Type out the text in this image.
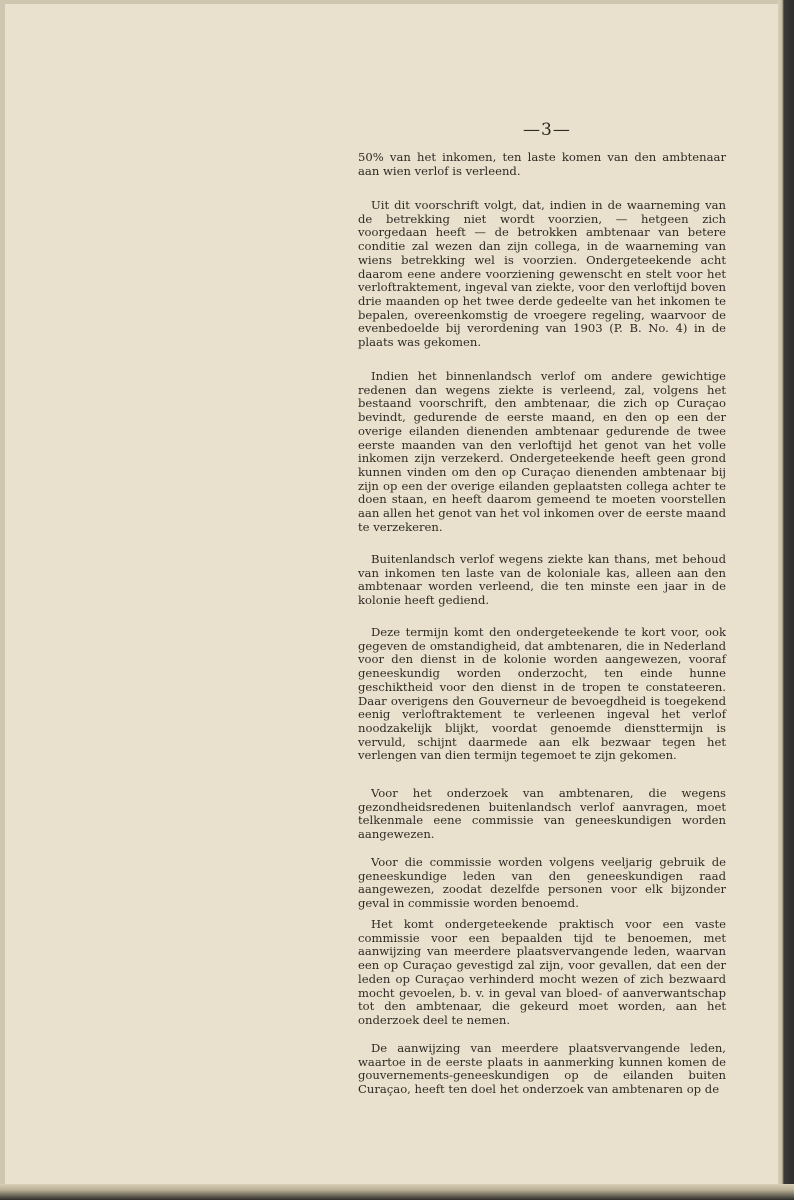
—3—

50% van het inkomen, ten laste komen van den ambtenaar aan wien verlof is verleend.

Uit dit voorschrift volgt, dat, indien in de waarneming van de betrekking niet wordt voorzien, — hetgeen zich voorgedaan heeft — de betrokken ambtenaar van betere conditie zal wezen dan zijn collega, in de waarneming van wiens betrekking wel is voorzien. Ondergeteekende acht daarom eene andere voorziening gewenscht en stelt voor het verloftraktement, ingeval van ziekte, voor den verloftijd boven drie maanden op het twee derde gedeelte van het inkomen te bepalen, overeenkomstig de vroegere regeling, waarvoor de evenbedoelde bij verordening van 1903 (P. B. No. 4) in de plaats was gekomen.

Indien het binnenlandsch verlof om andere gewichtige redenen dan wegens ziekte is verleend, zal, volgens het bestaand voorschrift, den ambtenaar, die zich op Curaçao bevindt, gedurende de eerste maand, en den op een der overige eilanden dienenden ambtenaar gedurende de twee eerste maanden van den verloftijd het genot van het volle inkomen zijn verzekerd. Ondergeteekende heeft geen grond kunnen vinden om den op Curaçao dienenden ambtenaar bij zijn op een der overige eilanden geplaatsten collega achter te doen staan, en heeft daarom gemeend te moeten voorstellen aan allen het genot van het vol inkomen over de eerste maand te verzekeren.

Buitenlandsch verlof wegens ziekte kan thans, met behoud van inkomen ten laste van de koloniale kas, alleen aan den ambtenaar worden verleend, die ten minste een jaar in de kolonie heeft gediend.

Deze termijn komt den ondergeteekende te kort voor, ook gegeven de omstandigheid, dat ambtenaren, die in Nederland voor den dienst in de kolonie worden aangewezen, vooraf geneeskundig worden onderzocht, ten einde hunne geschiktheid voor den dienst in de tropen te constateeren. Daar overigens den Gouverneur de bevoegdheid is toegekend eenig verloftraktement te verleenen ingeval het verlof noodzakelijk blijkt, voordat genoemde diensttermijn is vervuld, schijnt daarmede aan elk bezwaar tegen het verlengen van dien termijn tegemoet te zijn gekomen.

Voor het onderzoek van ambtenaren, die wegens gezondheidsredenen buitenlandsch verlof aanvragen, moet telkenmale eene commissie van geneeskundigen worden aangewezen.

Voor die commissie worden volgens veeljarig gebruik de geneeskundige leden van den geneeskundigen raad aangewezen, zoodat dezelfde personen voor elk bijzonder geval in commissie worden benoemd.

Het komt ondergeteekende praktisch voor een vaste commissie voor een bepaalden tijd te benoemen, met aanwijzing van meerdere plaatsvervangende leden, waarvan een op Curaçao gevestigd zal zijn, voor gevallen, dat een der leden op Curaçao verhinderd mocht wezen of zich bezwaard mocht gevoelen, b. v. in geval van bloed- of aanverwantschap tot den ambtenaar, die gekeurd moet worden, aan het onderzoek deel te nemen.

De aanwijzing van meerdere plaatsvervangende leden, waartoe in de eerste plaats in aanmerking kunnen komen de gouvernements-geneeskundigen op de eilanden buiten Curaçao, heeft ten doel het onderzoek van ambtenaren op de
